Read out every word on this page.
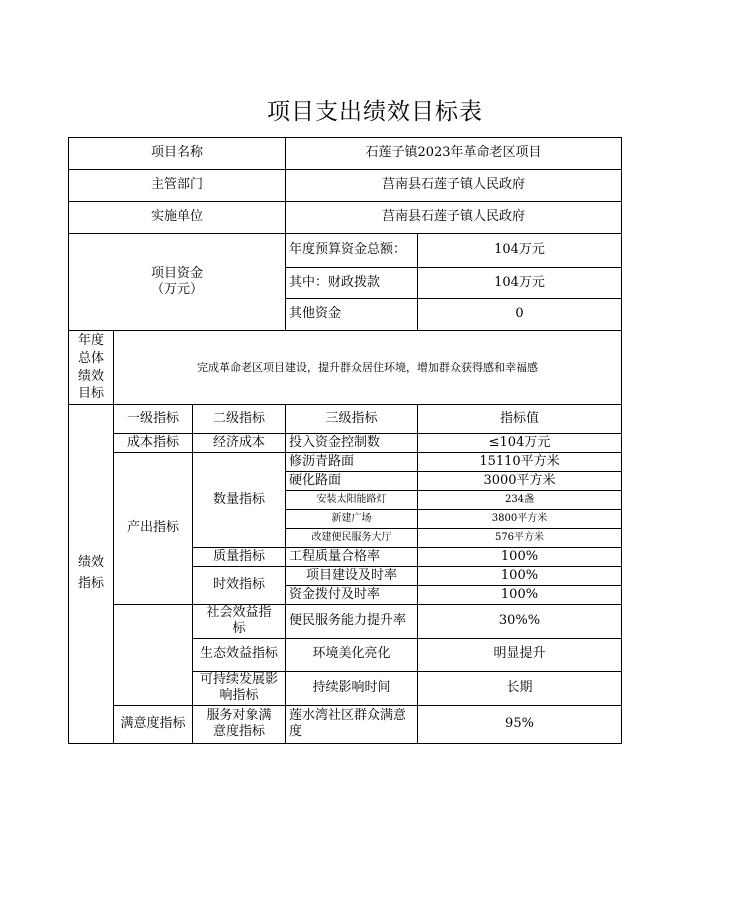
项目支出绩效目标表
项目名称			石莲子镇2023年革命老区项目	
主管部门			莒南县石莲子镇人民政府	
实施单位			莒南县石莲子镇人民政府	

项目资金
（万元）			年度预算资金总额：	104万元
			其中：财政拨款	104万元
			其他资金	0
年度总体绩效目标	完成革命老区项目建设，提升群众居住环境，增加群众获得感和幸福感			
绩效指标	一级指标	二级指标	三级指标	指标值
	成本指标	经济成本	投入资金控制数	≤104万元
	产出指标	数量指标	修沥青路面	15110平方米
			硬化路面	3000平方米
			安装太阳能路灯	234盏
			新建广场	3800平方米
			改建便民服务大厅	576平方米
		质量指标	工程质量合格率	100%
		时效指标	项目建设及时率	100%
			资金拨付及时率	100%
		社会效益指标	便民服务能力提升率	30%%
		生态效益指标	环境美化亮化	明显提升
		可持续发展影响指标	持续影响时间	长期
	满意度指标	服务对象满意度指标	莲水湾社区群众满意度	95%
